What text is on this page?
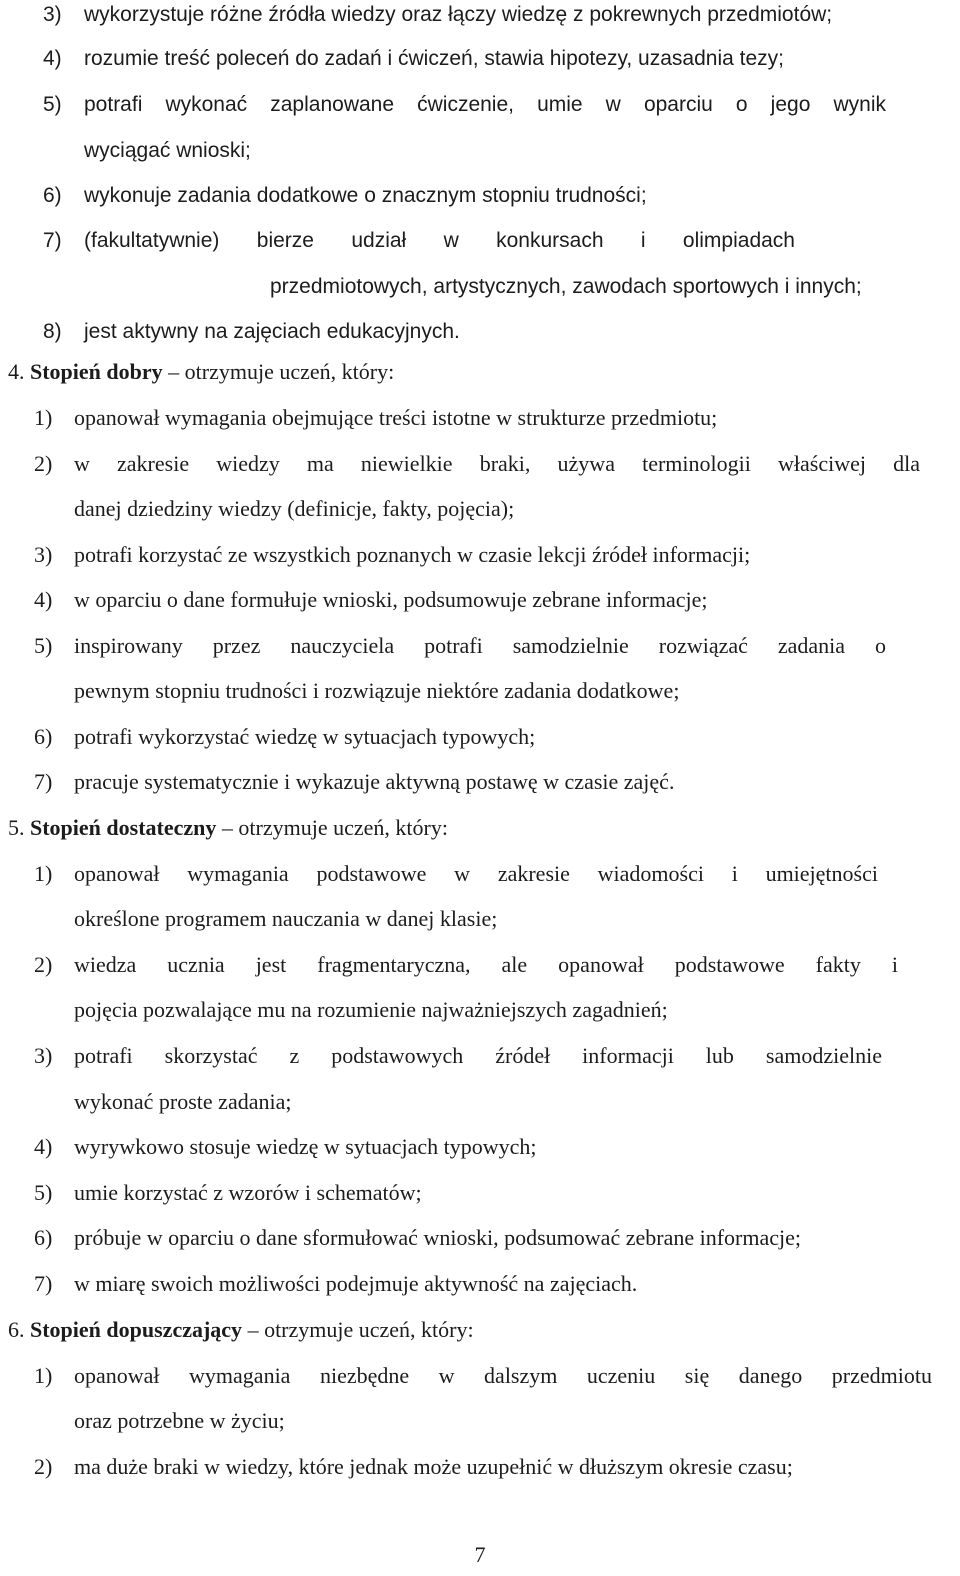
3) wykorzystuje różne źródła wiedzy oraz łączy wiedzę z pokrewnych przedmiotów;
4) rozumie treść poleceń do zadań i ćwiczeń, stawia hipotezy, uzasadnia tezy;
5) potrafi wykonać zaplanowane ćwiczenie, umie w oparciu o jego wynik
wyciągać wnioski;
6) wykonuje zadania dodatkowe o znacznym stopniu trudności;
7) (fakultatywnie) bierze udział w konkursach i olimpiadach
przedmiotowych, artystycznych, zawodach sportowych i innych;
8) jest aktywny na zajęciach edukacyjnych.
4. Stopień dobry – otrzymuje uczeń, który:
1) opanował wymagania obejmujące treści istotne w strukturze przedmiotu;
2) w zakresie wiedzy ma niewielkie braki, używa terminologii właściwej dla
danej dziedziny wiedzy (definicje, fakty, pojęcia);
3) potrafi korzystać ze wszystkich poznanych w czasie lekcji źródeł informacji;
4) w oparciu o dane formułuje wnioski, podsumowuje zebrane informacje;
5) inspirowany przez nauczyciela potrafi samodzielnie rozwiązać zadania o
pewnym stopniu trudności i rozwiązuje niektóre zadania dodatkowe;
6) potrafi wykorzystać wiedzę w sytuacjach typowych;
7) pracuje systematycznie i wykazuje aktywną postawę w czasie zajęć.
5. Stopień dostateczny – otrzymuje uczeń, który:
1) opanował wymagania podstawowe w zakresie wiadomości i umiejętności
określone programem nauczania w danej klasie;
2) wiedza ucznia jest fragmentaryczna, ale opanował podstawowe fakty i
pojęcia pozwalające mu na rozumienie najważniejszych zagadnień;
3) potrafi skorzystać z podstawowych źródeł informacji lub samodzielnie
wykonać proste zadania;
4) wyrywkowo stosuje wiedzę w sytuacjach typowych;
5) umie korzystać z wzorów i schematów;
6) próbuje w oparciu o dane sformułować wnioski, podsumować zebrane informacje;
7) w miarę swoich możliwości podejmuje aktywność na zajęciach.
6. Stopień dopuszczający – otrzymuje uczeń, który:
1) opanował wymagania niezbędne w dalszym uczeniu się danego przedmiotu
oraz potrzebne w życiu;
2) ma duże braki w wiedzy, które jednak może uzupełnić w dłuższym okresie czasu;
7
